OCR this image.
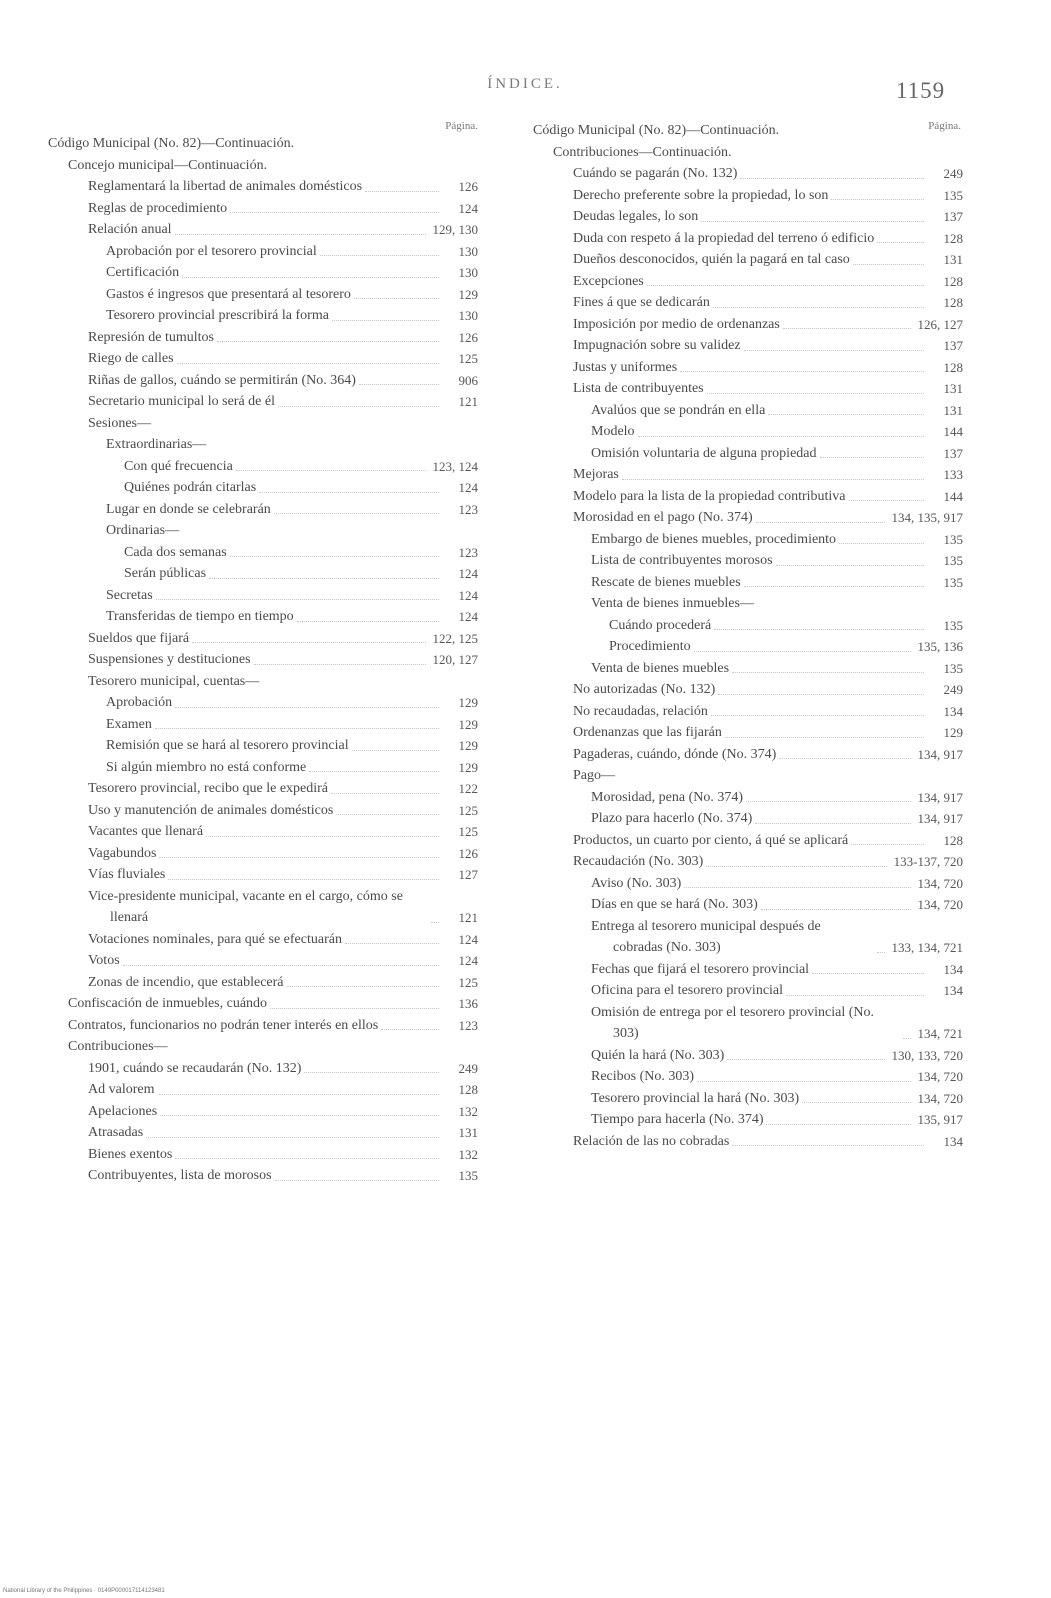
ÍNDICE.	1159
Página.
Código Municipal (No. 82)—Continuación.
Concejo municipal—Continuación.
Reglamentará la libertad de animales domésticos	126
Reglas de procedimiento	124
Relación anual	129, 130
Aprobación por el tesorero provincial	130
Certificación	130
Gastos é ingresos que presentará al tesorero	129
Tesorero provincial prescribirá la forma	130
Represión de tumultos	126
Riego de calles	125
Riñas de gallos, cuándo se permitirán (No. 364)	906
Secretario municipal lo será de él	121
Sesiones—
Extraordinarias—
Con qué frecuencia	123, 124
Quiénes podrán citarlas	124
Lugar en donde se celebrarán	123
Ordinarias—
Cada dos semanas	123
Serán públicas	124
Secretas	124
Transferidas de tiempo en tiempo	124
Sueldos que fijará	122, 125
Suspensiones y destituciones	120, 127
Tesorero municipal, cuentas—
Aprobación	129
Examen	129
Remisión que se hará al tesorero provincial	129
Si algún miembro no está conforme	129
Tesorero provincial, recibo que le expedirá	122
Uso y manutención de animales domésticos	125
Vacantes que llenará	125
Vagabundos	126
Vías fluviales	127
Vice-presidente municipal, vacante en el cargo, cómo se llenará	121
Votaciones nominales, para qué se efectuarán	124
Votos	124
Zonas de incendio, que establecerá	125
Confiscación de inmuebles, cuándo	136
Contratos, funcionarios no podrán tener interés en ellos	123
Contribuciones—
1901, cuándo se recaudarán (No. 132)	249
Ad valorem	128
Apelaciones	132
Atrasadas	131
Bienes exentos	132
Contribuyentes, lista de morosos	135
Página.
Código Municipal (No. 82)—Continuación.
Contribuciones—Continuación.
Cuándo se pagarán (No. 132)	249
Derecho preferente sobre la propiedad, lo son	135
Deudas legales, lo son	137
Duda con respeto á la propiedad del terreno ó edificio	128
Dueños desconocidos, quién la pagará en tal caso	131
Excepciones	128
Fines á que se dedicarán	128
Imposición por medio de ordenanzas	126, 127
Impugnación sobre su validez	137
Justas y uniformes	128
Lista de contribuyentes	131
Avalúos que se pondrán en ella	131
Modelo	144
Omisión voluntaria de alguna propiedad	137
Mejoras	133
Modelo para la lista de la propiedad contributiva	144
Morosidad en el pago (No. 374)	134, 135, 917
Embargo de bienes muebles, procedimiento	135
Lista de contribuyentes morosos	135
Rescate de bienes muebles	135
Venta de bienes inmuebles—
Cuándo procederá	135
Procedimiento	135, 136
Venta de bienes muebles	135
No autorizadas (No. 132)	249
No recaudadas, relación	134
Ordenanzas que las fijarán	129
Pagaderas, cuándo, dónde (No. 374)	134, 917
Pago—
Morosidad, pena (No. 374)	134, 917
Plazo para hacerlo (No. 374)	134, 917
Productos, un cuarto por ciento, á qué se aplicará	128
Recaudación (No. 303)	133-137, 720
Aviso (No. 303)	134, 720
Días en que se hará (No. 303)	134, 720
Entrega al tesorero municipal después de cobradas (No. 303)	133, 134, 721
Fechas que fijará el tesorero provincial	134
Oficina para el tesorero provincial	134
Omisión de entrega por el tesorero provincial (No. 303)	134, 721
Quién la hará (No. 303)	130, 133, 720
Recibos (No. 303)	134, 720
Tesorero provincial la hará (No. 303)	134, 720
Tiempo para hacerla (No. 374)	135, 917
Relación de las no cobradas	134
National Library of the Philippines · 0149P000017114123481
